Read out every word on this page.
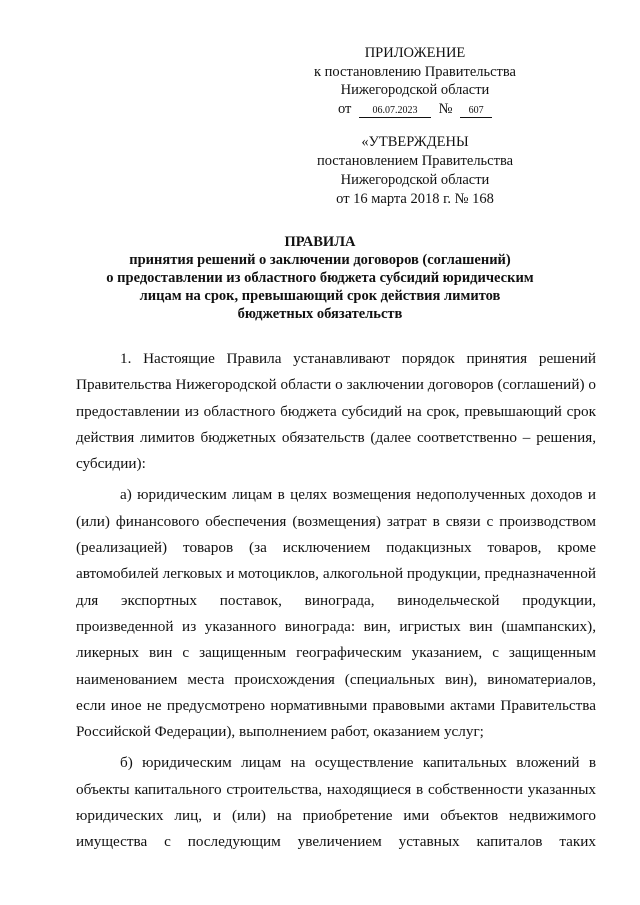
ПРИЛОЖЕНИЕ
к постановлению Правительства
Нижегородской области
от 06.07.2023 № 607
«УТВЕРЖДЕНЫ
постановлением Правительства
Нижегородской области
от 16 марта 2018 г. № 168
ПРАВИЛА
принятия решений о заключении договоров (соглашений)
о предоставлении из областного бюджета субсидий юридическим
лицам на срок, превышающий срок действия лимитов
бюджетных обязательств

1. Настоящие Правила устанавливают порядок принятия решений Правительства Нижегородской области о заключении договоров (соглашений) о предоставлении из областного бюджета субсидий на срок, превышающий срок действия лимитов бюджетных обязательств (далее соответственно – решения, субсидии):

а) юридическим лицам в целях возмещения недополученных доходов и (или) финансового обеспечения (возмещения) затрат в связи с производством (реализацией) товаров (за исключением подакцизных товаров, кроме автомобилей легковых и мотоциклов, алкогольной продукции, предназначенной для экспортных поставок, винограда, винодельческой продукции, произведенной из указанного винограда: вин, игристых вин (шампанских), ликерных вин с защищенным географическим указанием, с защищенным наименованием места происхождения (специальных вин), виноматериалов, если иное не предусмотрено нормативными правовыми актами Правительства Российской Федерации), выполнением работ, оказанием услуг;

б) юридическим лицам на осуществление капитальных вложений в объекты капитального строительства, находящиеся в собственности указанных юридических лиц, и (или) на приобретение ими объектов недвижимого имущества с последующим увеличением уставных капиталов таких
